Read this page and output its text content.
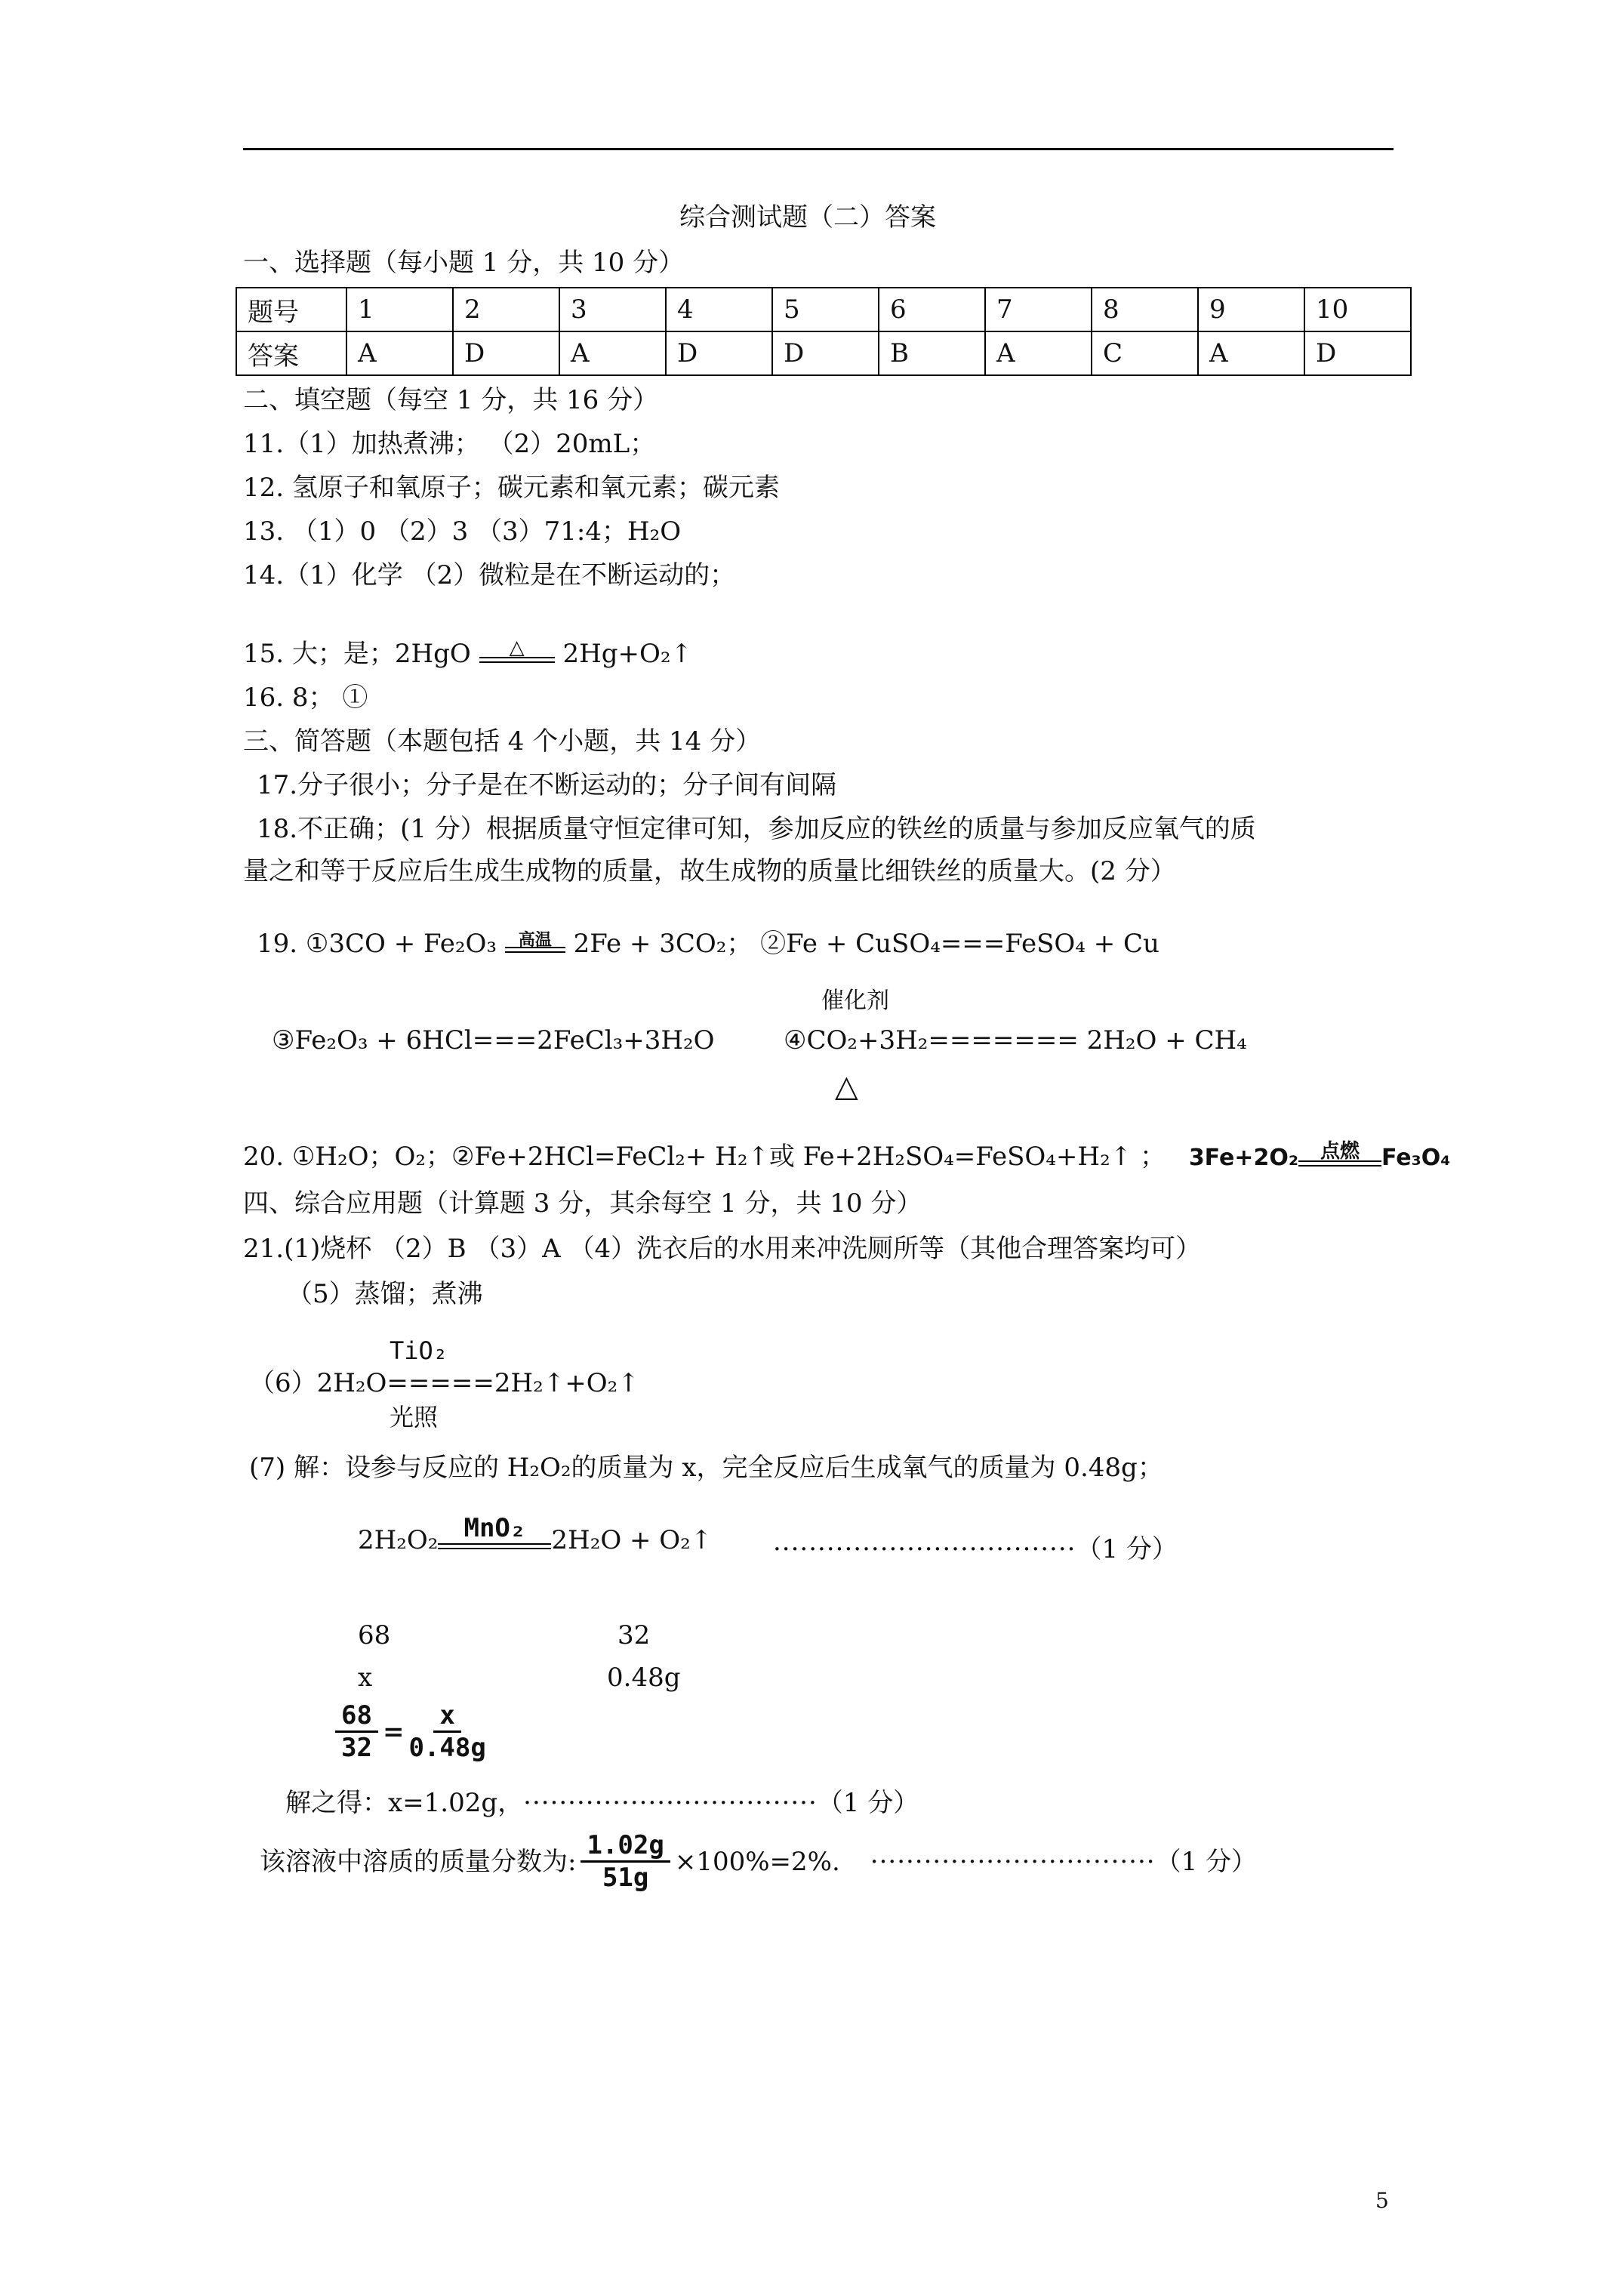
综合测试题（二）答案
一、选择题（每小题 1 分，共 10 分）
题号	1	2	3	4	5	6	7	8	9	10
答案	A	D	A	D	D	B	A	C	A	D
二、填空题（每空 1 分，共 16 分）
11.（1）加热煮沸； （2）20mL；
12. 氢原子和氧原子；碳元素和氧元素；碳元素
13. （1）0 （2）3 （3）71:4；H₂O
14.（1）化学 （2）微粒是在不断运动的；
15. 大；是；2HgO	△	2Hg+O₂↑
16. 8； ①
三、简答题（本题包括 4 个小题，共 14 分）
17.分子很小；分子是在不断运动的；分子间有间隔
18.不正确；(1 分）根据质量守恒定律可知，参加反应的铁丝的质量与参加反应氧气的质
量之和等于反应后生成生成物的质量，故生成物的质量比细铁丝的质量大。(2 分）
19. ①3CO + Fe₂O₃	高温 2Fe + 3CO₂； ②Fe + CuSO₄===FeSO₄ + Cu
催化剂
③Fe₂O₃ + 6HCl===2FeCl₃+3H₂O	④CO₂+3H₂======= 2H₂O + CH₄
△
20. ①H₂O；O₂；②Fe+2HCl=FeCl₂+ H₂↑或 Fe+2H₂SO₄=FeSO₄+H₂↑ ； 3Fe+2O₂	点燃 Fe₃O₄
四、综合应用题（计算题 3 分，其余每空 1 分，共 10 分）
21.(1)烧杯 （2）B （3）A （4）洗衣后的水用来冲洗厕所等（其他合理答案均可）
（5）蒸馏；煮沸
TiO₂
（6）2H₂O=====2H₂↑+O₂↑
光照
(7) 解：设参与反应的 H₂O₂的质量为 x，完全反应后生成氧气的质量为 0.48g；
2H₂O₂	MnO₂	2H₂O + O₂↑ ··································（1 分）
68	32
x	0.48g
$\frac{68}{32} = \frac{x}{0.48g}$
解之得：x=1.02g，·································（1 分）
该溶液中溶质的质量分数为: $\frac{1.02g}{51g} \times 100\%=2\%$. ································ （1 分）
5
